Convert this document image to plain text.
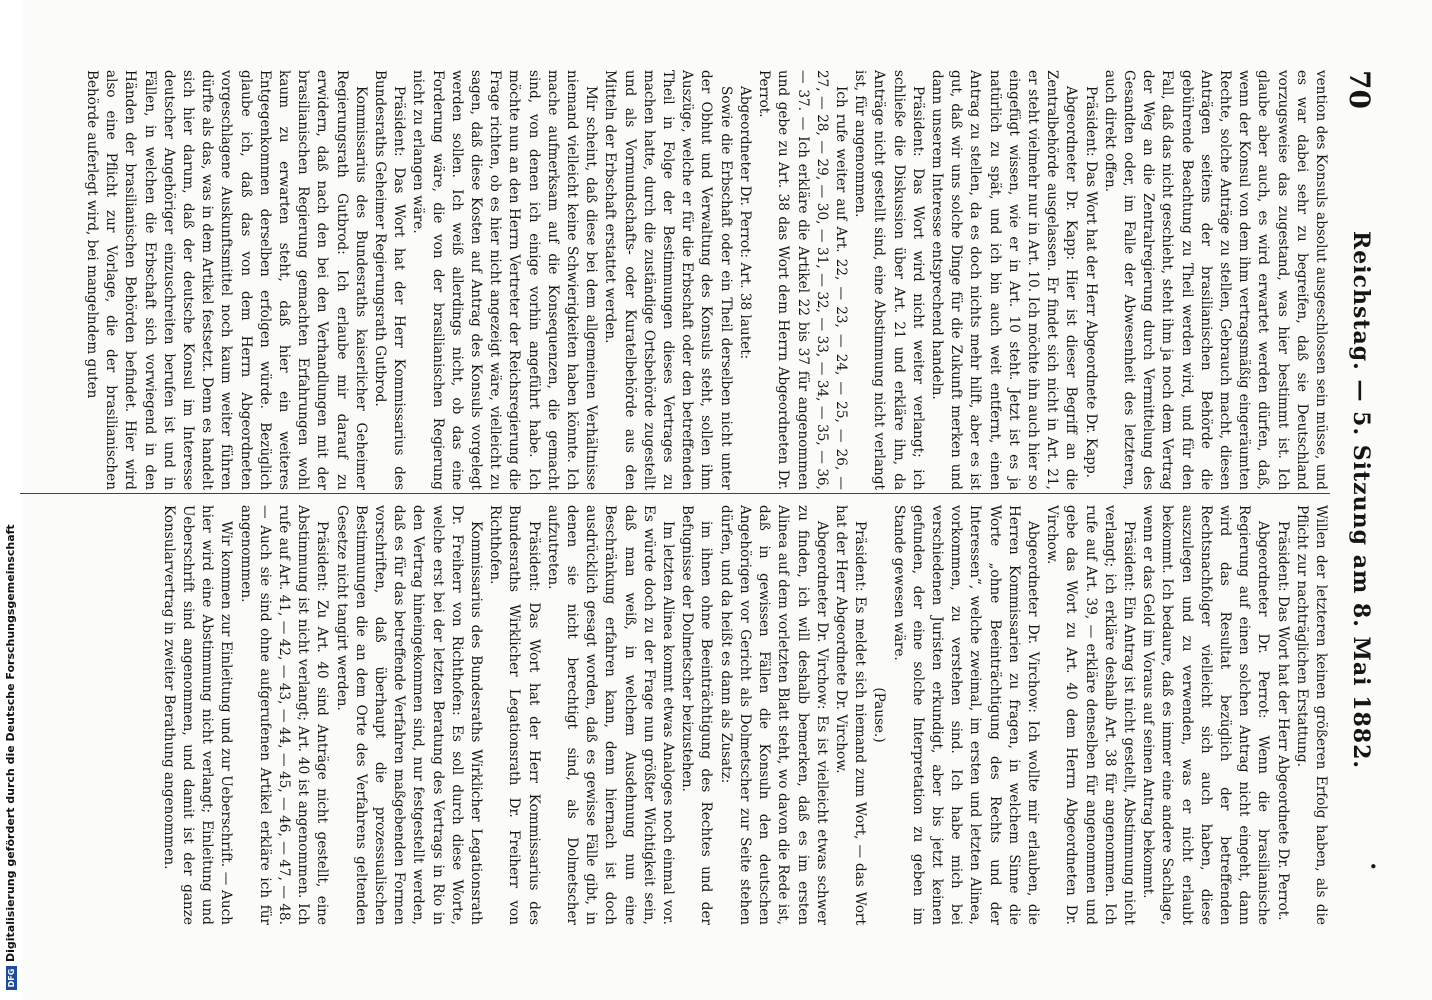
DFGDigitalisierung gefördert durch die Deutsche Forschungsgemeinschaft
70
Reichstag. — 5. Sitzung am 8. Mai 1882.
•

vention des Konsuls absolut ausgeschlossen sein müsse, und es war dabei sehr zu begreifen, daß sie Deutschland vorzugsweise das zugestand, was hier bestimmt ist. Ich glaube aber auch, es wird erwartet werden dürfen, daß, wenn der Konsul von dem ihm vertragsmäßig eingeräumten Rechte, solche Anträge zu stellen, Gebrauch macht, diesen Anträgen seitens der brasilianischen Behörde die gebührende Beachtung zu Theil werden wird, und für den Fall, daß das nicht geschieht, steht ihm ja noch dem Vertrag der Weg an die Zentralregierung durch Vermittelung des Gesandten oder, im Falle der Abwesenheit des letzteren, auch direkt offen.

Präsident: Das Wort hat der Herr Abgeordnete Dr. Kapp.

Abgeordneter Dr. Kapp: Hier ist dieser Begriff an die Zentralbehörde ausgelassen. Er findet sich nicht in Art. 21, er steht vielmehr nur in Art. 10. Ich möchte ihn auch hier so eingefügt wissen, wie er in Art. 10 steht. Jetzt ist es ja natürlich zu spät, und ich bin auch weit entfernt, einen Antrag zu stellen, da es doch nichts mehr hilft, aber es ist gut, daß wir uns solche Dinge für die Zukunft merken und dann unserem Interesse entsprechend handeln.

Präsident: Das Wort wird nicht weiter verlangt; ich schließe die Diskussion über Art. 21 und erkläre ihn, da Anträge nicht gestellt sind, eine Abstimmung nicht verlangt ist, für angenommen.

Ich rufe weiter auf Art. 22, — 23, — 24, — 25, — 26, — 27, — 28, — 29, — 30, — 31, — 32, — 33, — 34, — 35, — 36, — 37. — Ich erkläre die Artikel 22 bis 37 für angenommen und gebe zu Art. 38 das Wort dem Herrn Abgeordneten Dr. Perrot.

Abgeordneter Dr. Perrot: Art. 38 lautet:

Sowie die Erbschaft oder ein Theil derselben nicht unter der Obhut und Verwaltung des Konsuls steht, sollen ihm Auszüge, welche er für die Erbschaft oder den betreffenden Theil in Folge der Bestimmungen dieses Vertrages zu machen hatte, durch die zuständige Ortsbehörde zugestellt und als Vormundschafts- oder Kuratelbehörde aus den Mitteln der Erbschaft erstattet werden.

Mir scheint, daß diese bei dem allgemeinen Verhältnisse niemand vielleicht keine Schwierigkeiten haben könnte. Ich mache aufmerksam auf die Konsequenzen, die gemacht sind, von denen ich einige vorhin angeführt habe. Ich möchte nun an den Herrn Vertreter der Reichsregierung die Frage richten, ob es hier nicht angezeigt wäre, vielleicht zu sagen, daß diese Kosten auf Antrag des Konsuls vorgelegt werden sollen. Ich weiß allerdings nicht, ob das eine Forderung wäre, die von der brasilianischen Regierung nicht zu erlangen wäre.

Präsident: Das Wort hat der Herr Kommissarius des Bundesraths Geheimer Regierungsrath Gutbrod.

Kommissarius des Bundesraths kaiserlicher Geheimer Regierungsrath Gutbrod: Ich erlaube mir darauf zu erwidern, daß nach den bei den Verhandlungen mit der brasilianischen Regierung gemachten Erfahrungen wohl kaum zu erwarten steht, daß hier ein weiteres Entgegenkommen derselben erfolgen würde. Bezüglich glaube ich, daß das von dem Herrn Abgeordneten vorgeschlagene Auskunftsmittel noch kaum weiter führen dürfte als das, was in dem Artikel festsetzt. Denn es handelt sich hier darum, daß der deutsche Konsul im Interesse deutscher Angehöriger einzuschreiten berufen ist und in Fällen, in welchen die Erbschaft sich vorwiegend in den Händen der brasilianischen Behörden befindet. Hier wird also eine Pflicht zur Vorlage, die der brasilianischen Behörde auferlegt wird, bei mangelndem guten

Willen der letzteren keinen größeren Erfolg haben, als die Pflicht zur nachträglichen Erstattung.

Präsident: Das Wort hat der Herr Abgeordnete Dr. Perrot.

Abgeordneter Dr. Perrot: Wenn die brasilianische Regierung auf einen solchen Antrag nicht eingeht, dann wird das Resultat bezüglich der betreffenden Rechtsnachfolger vielleicht sich auch haben, diese auszulegen und zu verwenden, was er nicht erlaubt bekommt. Ich bedaure, daß es immer eine andere Sachlage, wenn er das Geld im Voraus auf seinen Antrag bekommt.

Präsident: Ein Antrag ist nicht gestellt, Abstimmung nicht verlangt; ich erkläre deshalb Art. 38 für angenommen. Ich rufe auf Art. 39, — erkläre denselben für angenommen und gebe das Wort zu Art. 40 dem Herrn Abgeordneten Dr. Virchow.

Abgeordneter Dr. Virchow: Ich wollte mir erlauben, die Herren Kommissarien zu fragen, in welchem Sinne die Worte „ohne Beeinträchtigung des Rechts und der Interessen“, welche zweimal, im ersten und letzten Alinea, vorkommen, zu verstehen sind. Ich habe mich bei verschiedenen Juristen erkundigt, aber bis jetzt keinen gefunden, der eine solche Interpretation zu geben im Stande gewesen wäre.

(Pause.)

Präsident: Es meldet sich niemand zum Wort, — das Wort hat der Herr Abgeordnete Dr. Virchow.

Abgeordneter Dr. Virchow: Es ist vielleicht etwas schwer zu finden, ich will deshalb bemerken, daß es im ersten Alinea auf dem vorletzten Blatt steht, wo davon die Rede ist, daß in gewissen Fällen die Konsuln den deutschen Angehörigen vor Gericht als Dolmetscher zur Seite stehen dürfen, und da heißt es dann als Zusatz:

im ihnen ohne Beeinträchtigung des Rechtes und der Befugnisse der Dolmetscher beizustehen.

Im letzten Alinea kommt etwas Analoges noch einmal vor. Es würde doch zu der Frage nun größter Wichtigkeit sein, daß man weiß, in welchem Ausdehnung nun eine Beschränkung erfahren kann, denn hiernach ist doch ausdrücklich gesagt worden, daß es gewisse Fälle gibt, in denen sie nicht berechtigt sind, als Dolmetscher aufzutreten.

Präsident: Das Wort hat der Herr Kommissarius des Bundesraths Wirklicher Legationsrath Dr. Freiherr von Richthofen.

Kommissarius des Bundesraths Wirklicher Legationsrath Dr. Freiherr von Richthofen: Es soll durch diese Worte, welche erst bei der letzten Beratung des Vertrags in Rio in den Vertrag hineingekommen sind, nur festgestellt werden, daß es für das betreffende Verfahren maßgebenden Formen vorschriften, daß überhaupt die prozessualischen Bestimmungen die an dem Orte des Verfahrens geltenden Gesetze nicht tangirt werden.

Präsident: Zu Art. 40 sind Anträge nicht gestellt, eine Abstimmung ist nicht verlangt; Art. 40 ist angenommen. Ich rufe auf Art. 41, — 42, — 43, — 44, — 45, — 46, — 47, — 48. — Auch sie sind ohne aufgerufenen Artikel erkläre ich für angenommen.

Wir kommen zur Einleitung und zur Ueberschrift. — Auch hier wird eine Abstimmung nicht verlangt; Einleitung und Ueberschrift sind angenommen, und damit ist der ganze Konsularvertrag in zweiter Berathung angenommen.
